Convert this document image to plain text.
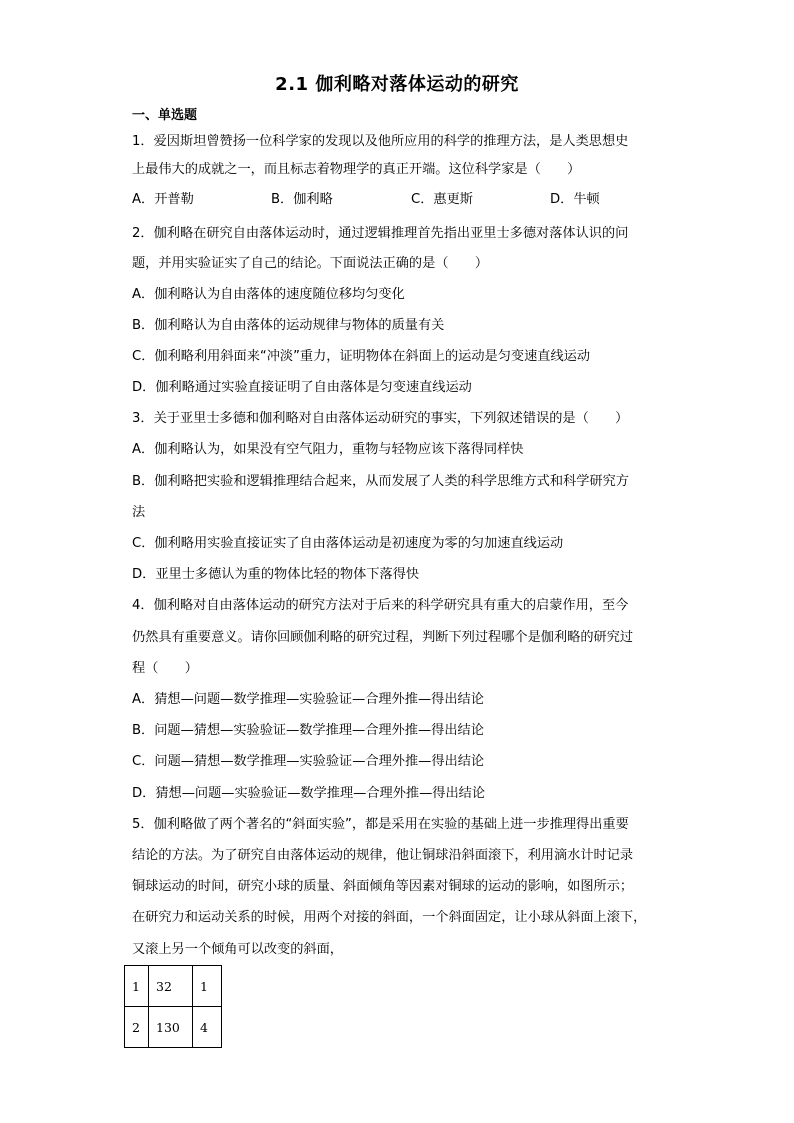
2.1 伽利略对落体运动的研究
一、单选题
1．爱因斯坦曾赞扬一位科学家的发现以及他所应用的科学的推理方法，是人类思想史
上最伟大的成就之一，而且标志着物理学的真正开端。这位科学家是（　　）
A．开普勒	B．伽利略	C．惠更斯	D．牛顿
2．伽利略在研究自由落体运动时，通过逻辑推理首先指出亚里士多德对落体认识的问
题，并用实验证实了自己的结论。下面说法正确的是（　　）
A．伽利略认为自由落体的速度随位移均匀变化
B．伽利略认为自由落体的运动规律与物体的质量有关
C．伽利略利用斜面来“冲淡”重力，证明物体在斜面上的运动是匀变速直线运动
D．伽利略通过实验直接证明了自由落体是匀变速直线运动
3．关于亚里士多德和伽利略对自由落体运动研究的事实，下列叙述错误的是（　　）
A．伽利略认为，如果没有空气阻力，重物与轻物应该下落得同样快
B．伽利略把实验和逻辑推理结合起来，从而发展了人类的科学思维方式和科学研究方
法
C．伽利略用实验直接证实了自由落体运动是初速度为零的匀加速直线运动
D．亚里士多德认为重的物体比轻的物体下落得快
4．伽利略对自由落体运动的研究方法对于后来的科学研究具有重大的启蒙作用，至今
仍然具有重要意义。请你回顾伽利略的研究过程，判断下列过程哪个是伽利略的研究过
程（　　）
A．猜想—问题—数学推理—实验验证—合理外推—得出结论
B．问题—猜想—实验验证—数学推理—合理外推—得出结论
C．问题—猜想—数学推理—实验验证—合理外推—得出结论
D．猜想—问题—实验验证—数学推理—合理外推—得出结论
5．伽利略做了两个著名的“斜面实验”，都是采用在实验的基础上进一步推理得出重要
结论的方法。为了研究自由落体运动的规律，他让铜球沿斜面滚下，利用滴水计时记录
铜球运动的时间，研究小球的质量、斜面倾角等因素对铜球的运动的影响，如图所示；
在研究力和运动关系的时候，用两个对接的斜面，一个斜面固定，让小球从斜面上滚下，
又滚上另一个倾角可以改变的斜面，
1	32	1
2	130	4
